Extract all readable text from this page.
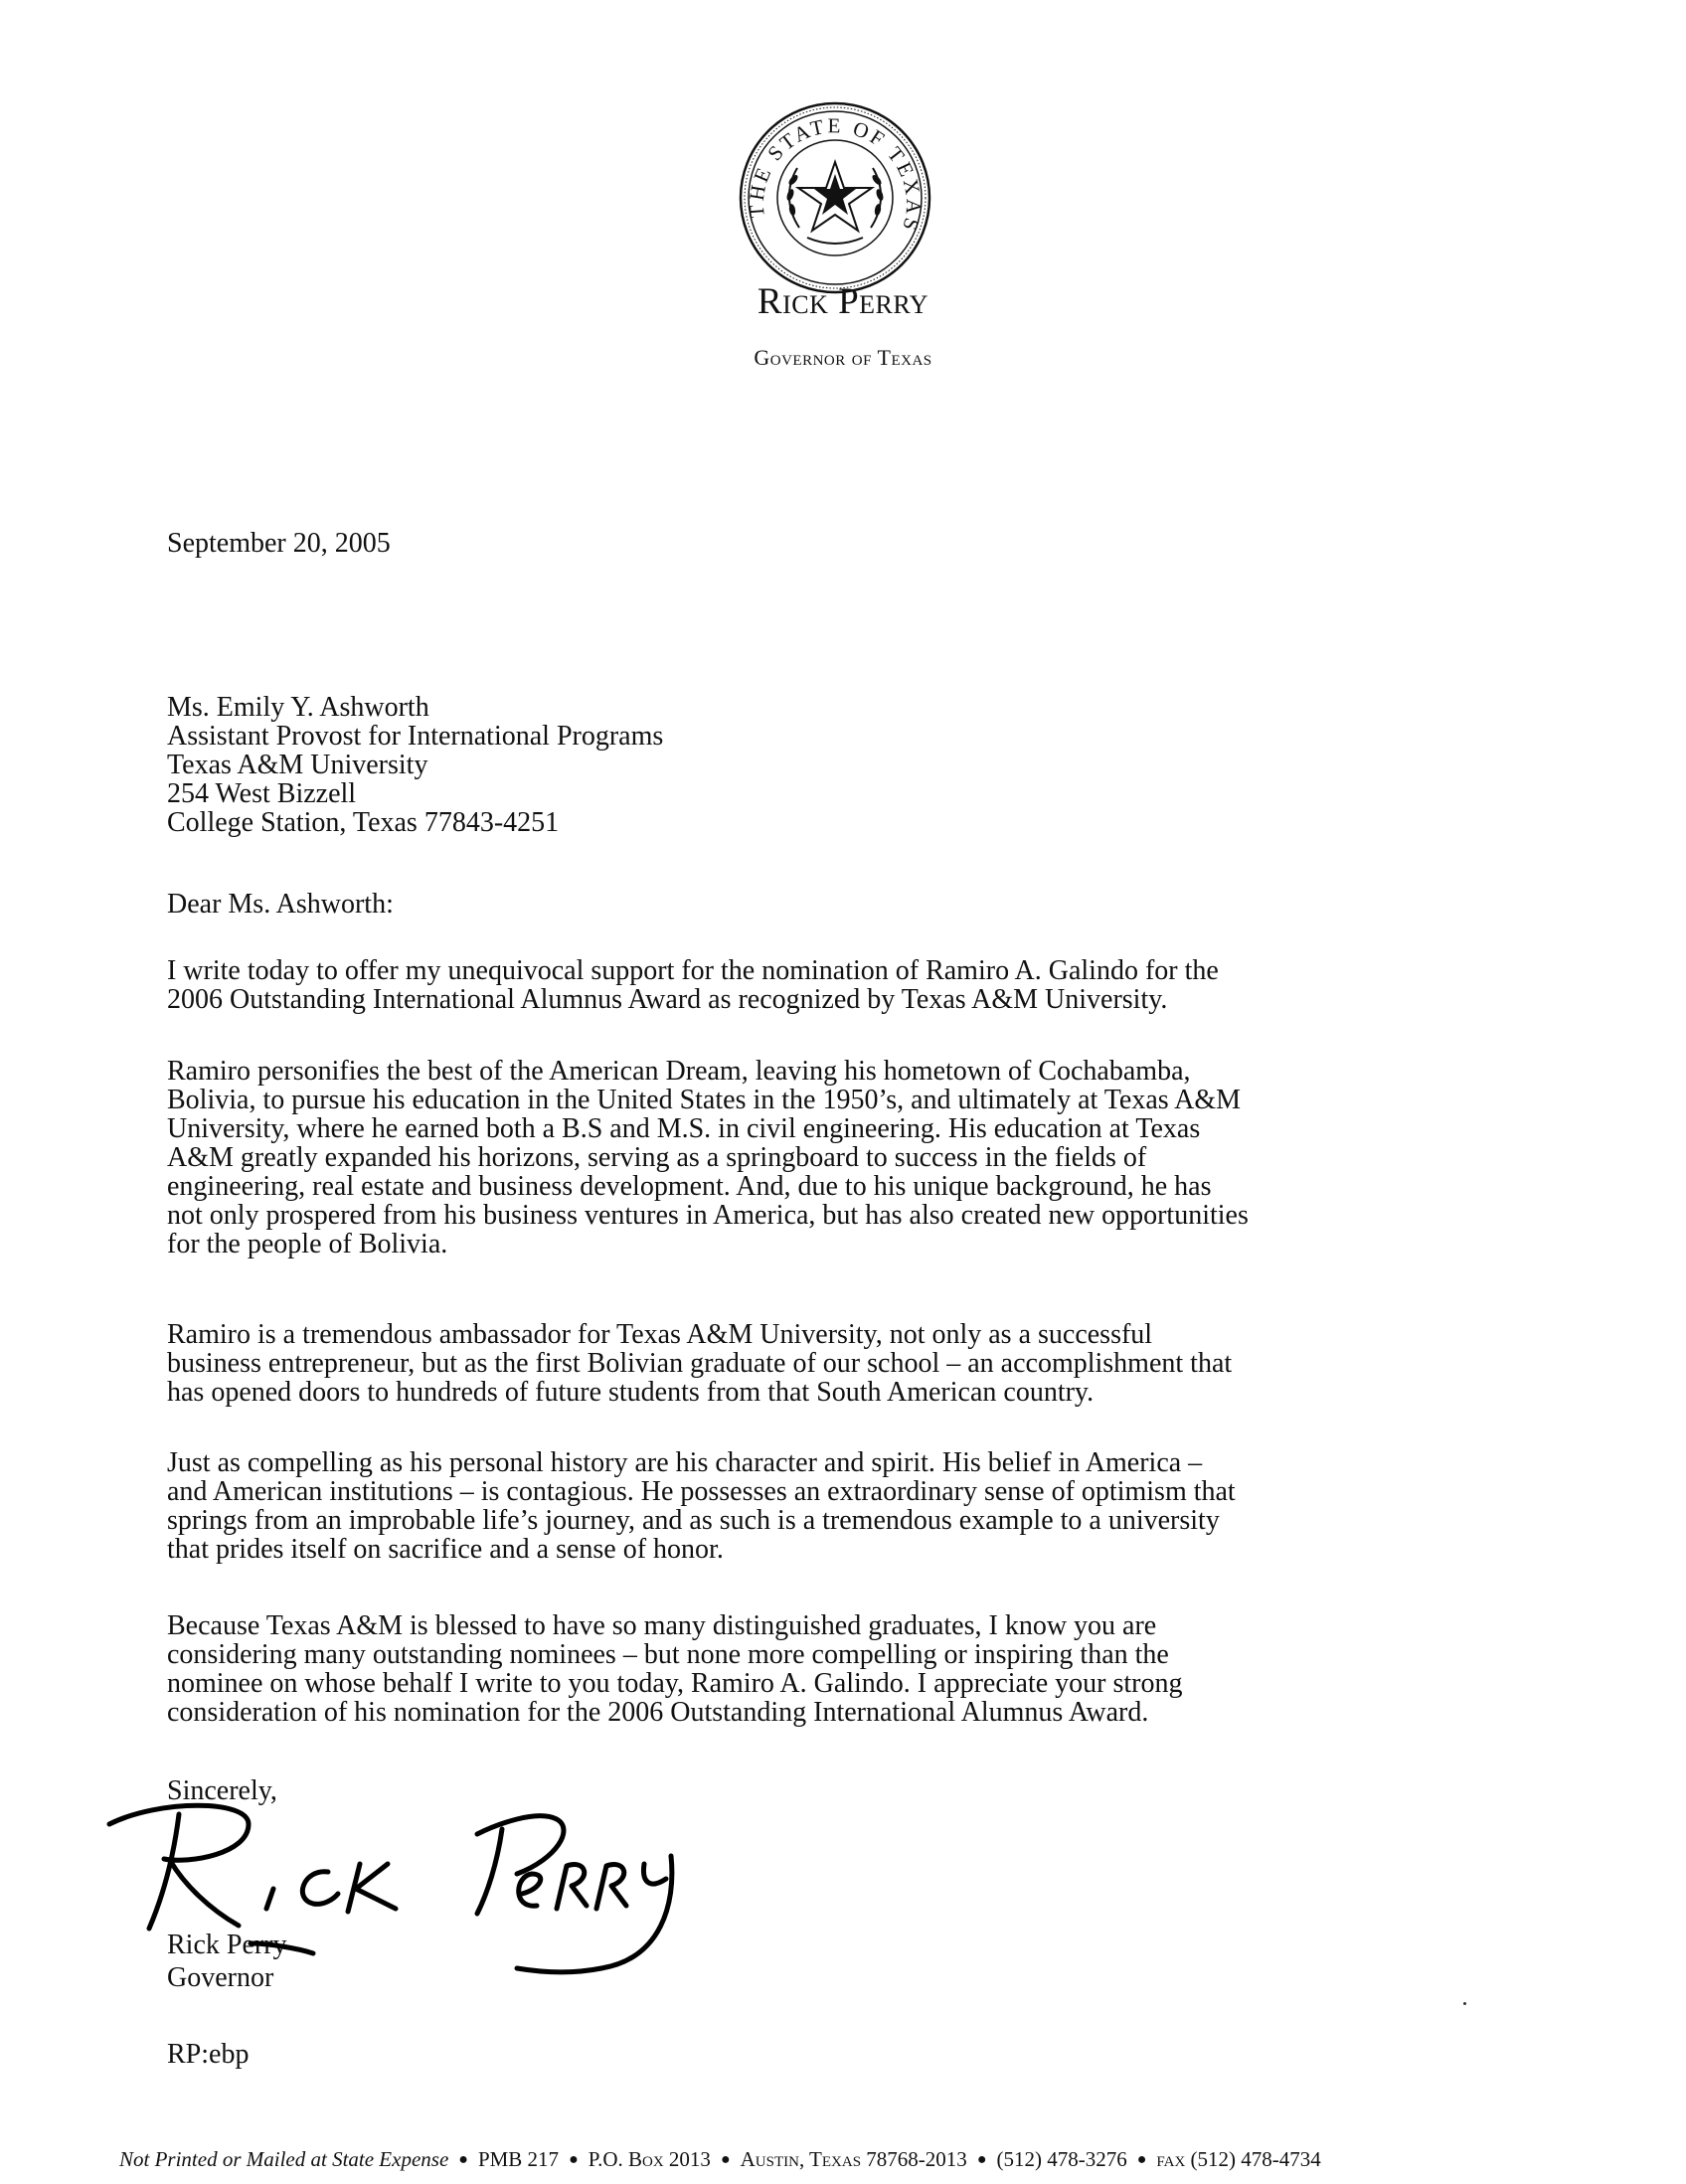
THE STATE OF TEXAS
Rick Perry
Governor of Texas
September 20, 2005
Ms. Emily Y. Ashworth
Assistant Provost for International Programs
Texas A&M University
254 West Bizzell
College Station, Texas 77843-4251
Dear Ms. Ashworth:
I write today to offer my unequivocal support for the nomination of Ramiro A. Galindo for the
2006 Outstanding International Alumnus Award as recognized by Texas A&M University.
Ramiro personifies the best of the American Dream, leaving his hometown of Cochabamba,
Bolivia, to pursue his education in the United States in the 1950’s, and ultimately at Texas A&M
University, where he earned both a B.S and M.S. in civil engineering. His education at Texas
A&M greatly expanded his horizons, serving as a springboard to success in the fields of
engineering, real estate and business development. And, due to his unique background, he has
not only prospered from his business ventures in America, but has also created new opportunities
for the people of Bolivia.
Ramiro is a tremendous ambassador for Texas A&M University, not only as a successful
business entrepreneur, but as the first Bolivian graduate of our school – an accomplishment that
has opened doors to hundreds of future students from that South American country.
Just as compelling as his personal history are his character and spirit. His belief in America –
and American institutions – is contagious. He possesses an extraordinary sense of optimism that
springs from an improbable life’s journey, and as such is a tremendous example to a university
that prides itself on sacrifice and a sense of honor.
Because Texas A&M is blessed to have so many distinguished graduates, I know you are
considering many outstanding nominees – but none more compelling or inspiring than the
nominee on whose behalf I write to you today, Ramiro A. Galindo. I appreciate your strong
consideration of his nomination for the 2006 Outstanding International Alumnus Award.
Sincerely,
Rick Perry
Governor
RP:ebp
Not Printed or Mailed at State Expense ● PMB 217 ● P.O. Box 2013 ● Austin, Texas 78768-2013 ● (512) 478-3276 ● fax (512) 478-4734
